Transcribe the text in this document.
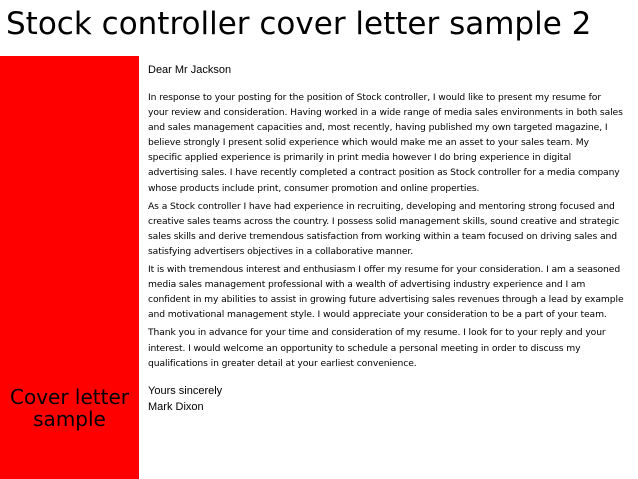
Stock controller cover letter sample 2
Cover letter
sample
Dear Mr Jackson
In response to your posting for the position of Stock controller, I would like to present my resume for your review and consideration. Having worked in a wide range of media sales environments in both sales and sales management capacities and, most recently, having published my own targeted magazine, I believe strongly I present solid experience which would make me an asset to your sales team. My specific applied experience is primarily in print media however I do bring experience in digital advertising sales. I have recently completed a contract position as Stock controller for a media company whose products include print, consumer promotion and online properties.
As a Stock controller I have had experience in recruiting, developing and mentoring strong focused and creative sales teams across the country. I possess solid management skills, sound creative and strategic sales skills and derive tremendous satisfaction from working within a team focused on driving sales and satisfying advertisers objectives in a collaborative manner.
It is with tremendous interest and enthusiasm I offer my resume for your consideration. I am a seasoned media sales management professional with a wealth of advertising industry experience and I am confident in my abilities to assist in growing future advertising sales revenues through a lead by example and motivational management style. I would appreciate your consideration to be a part of your team.
Thank you in advance for your time and consideration of my resume. I look for to your reply and your interest. I would welcome an opportunity to schedule a personal meeting in order to discuss my qualifications in greater detail at your earliest convenience.
Yours sincerely
Mark Dixon
